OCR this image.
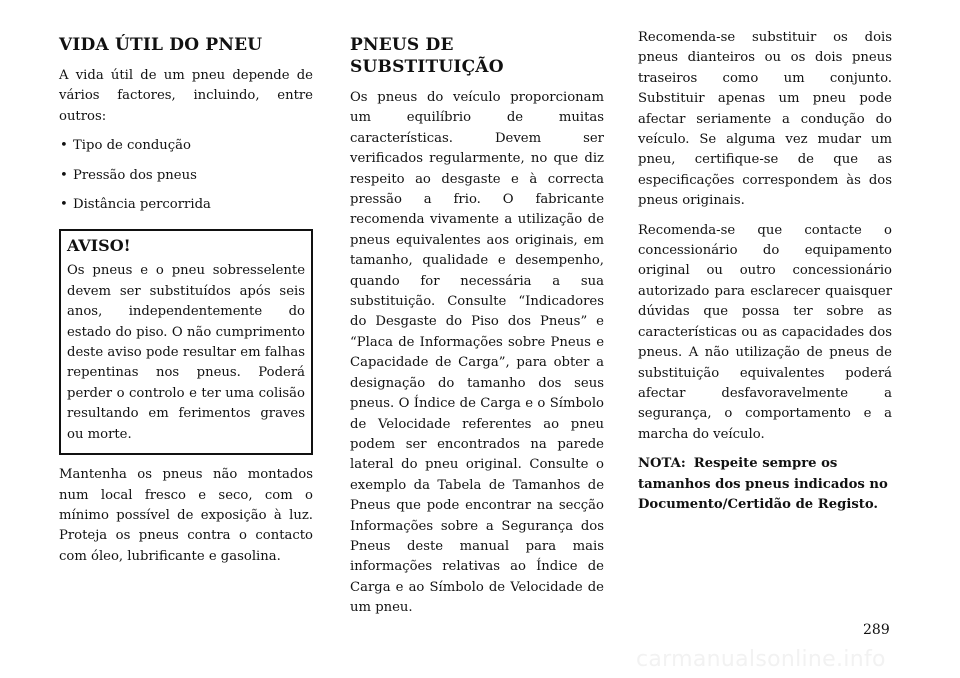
VIDA ÚTIL DO PNEU

A vida útil de um pneu depende de vários factores, incluindo, entre outros:

• Tipo de condução
• Pressão dos pneus
• Distância percorrida
AVISO!

Os pneus e o pneu sobresselente devem ser substituídos após seis anos, independentemente do estado do piso. O não cumprimento deste aviso pode resultar em falhas repentinas nos pneus. Poderá perder o controlo e ter uma colisão resultando em ferimentos graves ou morte.

Mantenha os pneus não montados num local fresco e seco, com o mínimo possível de exposição à luz. Proteja os pneus contra o contacto com óleo, lubrificante e gasolina.

PNEUS DE SUBSTITUIÇÃO

Os pneus do veículo proporcionam um equilíbrio de muitas características. Devem ser verificados regularmente, no que diz respeito ao desgaste e à correcta pressão a frio. O fabricante recomenda vivamente a utilização de pneus equivalentes aos originais, em tamanho, qualidade e desempenho, quando for necessária a sua substituição. Consulte “Indicadores do Desgaste do Piso dos Pneus” e “Placa de Informações sobre Pneus e Capacidade de Carga”, para obter a designação do tamanho dos seus pneus. O Índice de Carga e o Símbolo de Velocidade referentes ao pneu podem ser encontrados na parede lateral do pneu original. Consulte o exemplo da Tabela de Tamanhos de Pneus que pode encontrar na secção Informações sobre a Segurança dos Pneus deste manual para mais informações relativas ao Índice de Carga e ao Símbolo de Velocidade de um pneu.

Recomenda-se substituir os dois pneus dianteiros ou os dois pneus traseiros como um conjunto. Substituir apenas um pneu pode afectar seriamente a condução do veículo. Se alguma vez mudar um pneu, certifique-se de que as especificações correspondem às dos pneus originais.

Recomenda-se que contacte o concessionário do equipamento original ou outro concessionário autorizado para esclarecer quaisquer dúvidas que possa ter sobre as características ou as capacidades dos pneus. A não utilização de pneus de substituição equivalentes poderá afectar desfavoravelmente a segurança, o comportamento e a marcha do veículo.

NOTA: Respeite sempre os tamanhos dos pneus indicados no Documento/Certidão de Registo.

289
carmanualsonline.info
